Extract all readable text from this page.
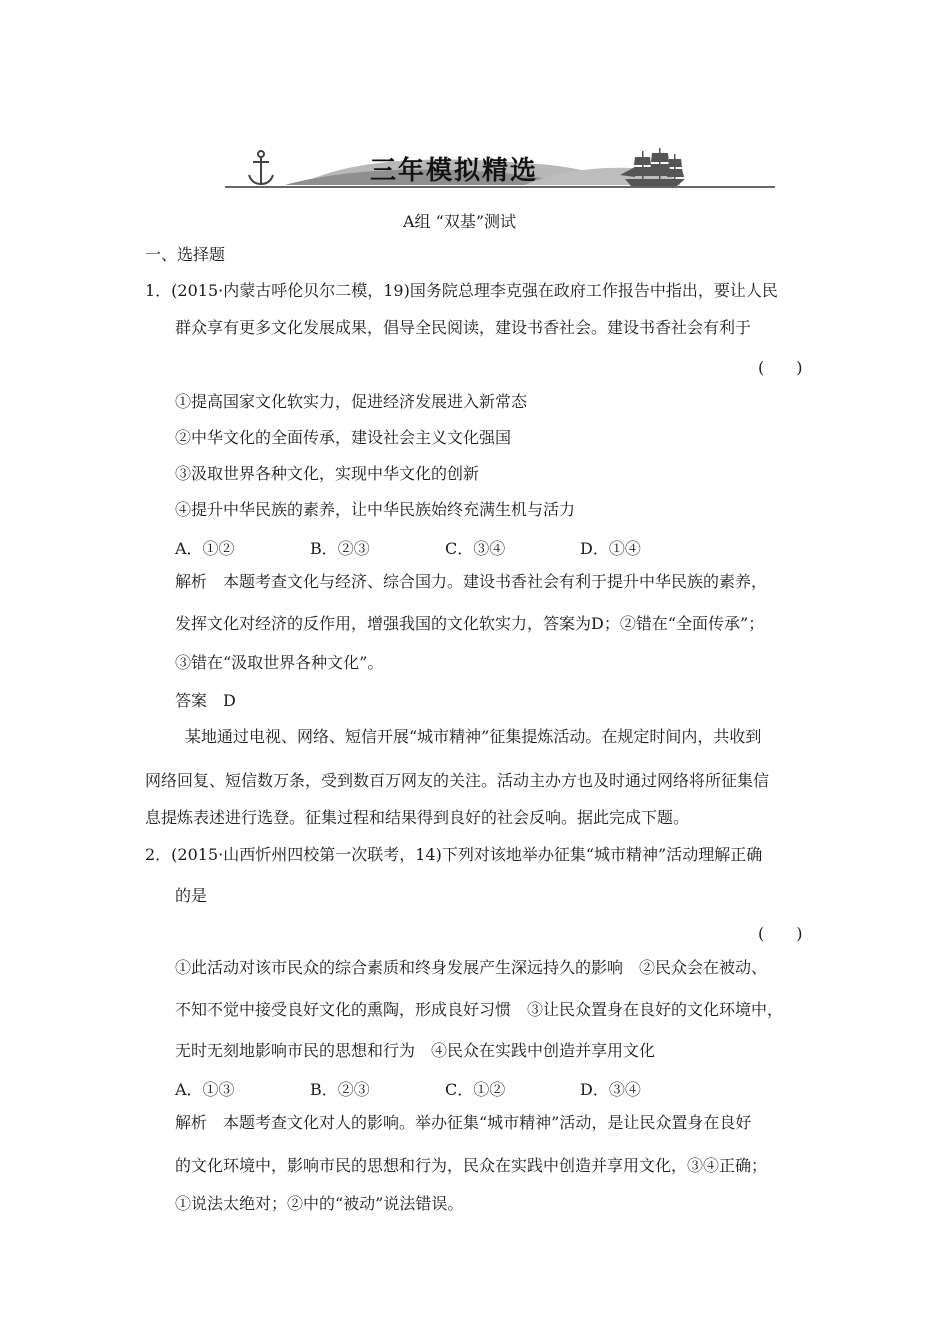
三年模拟精选
A组 “双基”测试
一、选择题
1．(2015·内蒙古呼伦贝尔二模，19)国务院总理李克强在政府工作报告中指出，要让人民
群众享有更多文化发展成果，倡导全民阅读，建设书香社会。建设书香社会有利于
(　　)
①提高国家文化软实力，促进经济发展进入新常态
②中华文化的全面传承，建设社会主义文化强国
③汲取世界各种文化，实现中华文化的创新
④提升中华民族的素养，让中华民族始终充满生机与活力
A．①②	B．②③	C．③④	D．①④
解析　本题考查文化与经济、综合国力。建设书香社会有利于提升中华民族的素养，
发挥文化对经济的反作用，增强我国的文化软实力，答案为D；②错在“全面传承”；
③错在“汲取世界各种文化”。
答案　D
某地通过电视、网络、短信开展“城市精神”征集提炼活动。在规定时间内，共收到
网络回复、短信数万条，受到数百万网友的关注。活动主办方也及时通过网络将所征集信
息提炼表述进行选登。征集过程和结果得到良好的社会反响。据此完成下题。
2．(2015·山西忻州四校第一次联考，14)下列对该地举办征集“城市精神”活动理解正确
的是
(　　)
①此活动对该市民众的综合素质和终身发展产生深远持久的影响　②民众会在被动、
不知不觉中接受良好文化的熏陶，形成良好习惯　③让民众置身在良好的文化环境中，
无时无刻地影响市民的思想和行为　④民众在实践中创造并享用文化
A．①③	B．②③	C．①②	D．③④
解析　本题考查文化对人的影响。举办征集“城市精神”活动，是让民众置身在良好
的文化环境中，影响市民的思想和行为，民众在实践中创造并享用文化，③④正确；
①说法太绝对；②中的“被动”说法错误。
